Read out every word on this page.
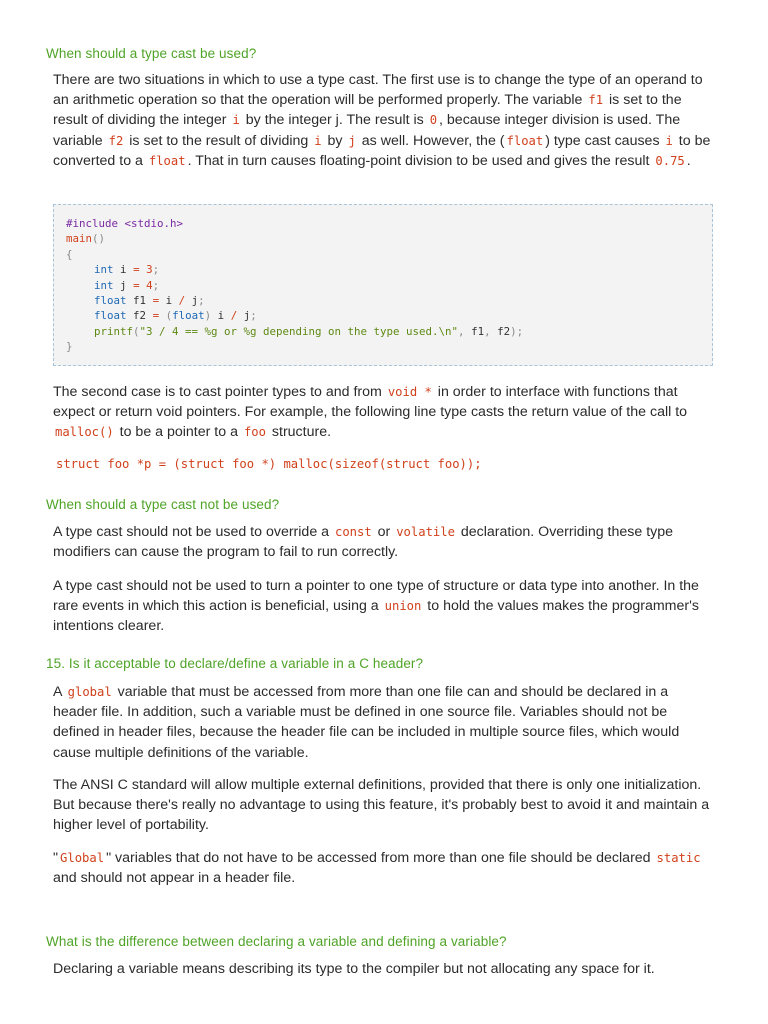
When should a type cast be used?

There are two situations in which to use a type cast. The first use is to change the type of an operand to an arithmetic operation so that the operation will be performed properly. The variable f1 is set to the result of dividing the integer i by the integer j. The result is 0 , because integer division is used. The variable f2 is set to the result of dividing i by j as well. However, the ( float ) type cast causes i to be converted to a float . That in turn causes floating-point division to be used and gives the result 0.75 .

#include <stdio.h>
main()
{
int i = 3;
int j = 4;
float f1 = i / j;
float f2 = (float) i / j;
printf("3 / 4 == %g or %g depending on the type used.\n", f1, f2);
}

The second case is to cast pointer types to and from void * in order to interface with functions that expect or return void pointers. For example, the following line type casts the return value of the call to malloc() to be a pointer to a foo structure.

struct foo *p = (struct foo *) malloc(sizeof(struct foo));
When should a type cast not be used?

A type cast should not be used to override a const or volatile declaration. Overriding these type modifiers can cause the program to fail to run correctly.

A type cast should not be used to turn a pointer to one type of structure or data type into another. In the rare events in which this action is beneficial, using a union to hold the values makes the programmer's intentions clearer.

15. Is it acceptable to declare/define a variable in a C header?

A global variable that must be accessed from more than one file can and should be declared in a header file. In addition, such a variable must be defined in one source file. Variables should not be defined in header files, because the header file can be included in multiple source files, which would cause multiple definitions of the variable.

The ANSI C standard will allow multiple external definitions, provided that there is only one initialization. But because there's really no advantage to using this feature, it's probably best to avoid it and maintain a higher level of portability.

" Global " variables that do not have to be accessed from more than one file should be declared static and should not appear in a header file.

What is the difference between declaring a variable and defining a variable?

Declaring a variable means describing its type to the compiler but not allocating any space for it.
